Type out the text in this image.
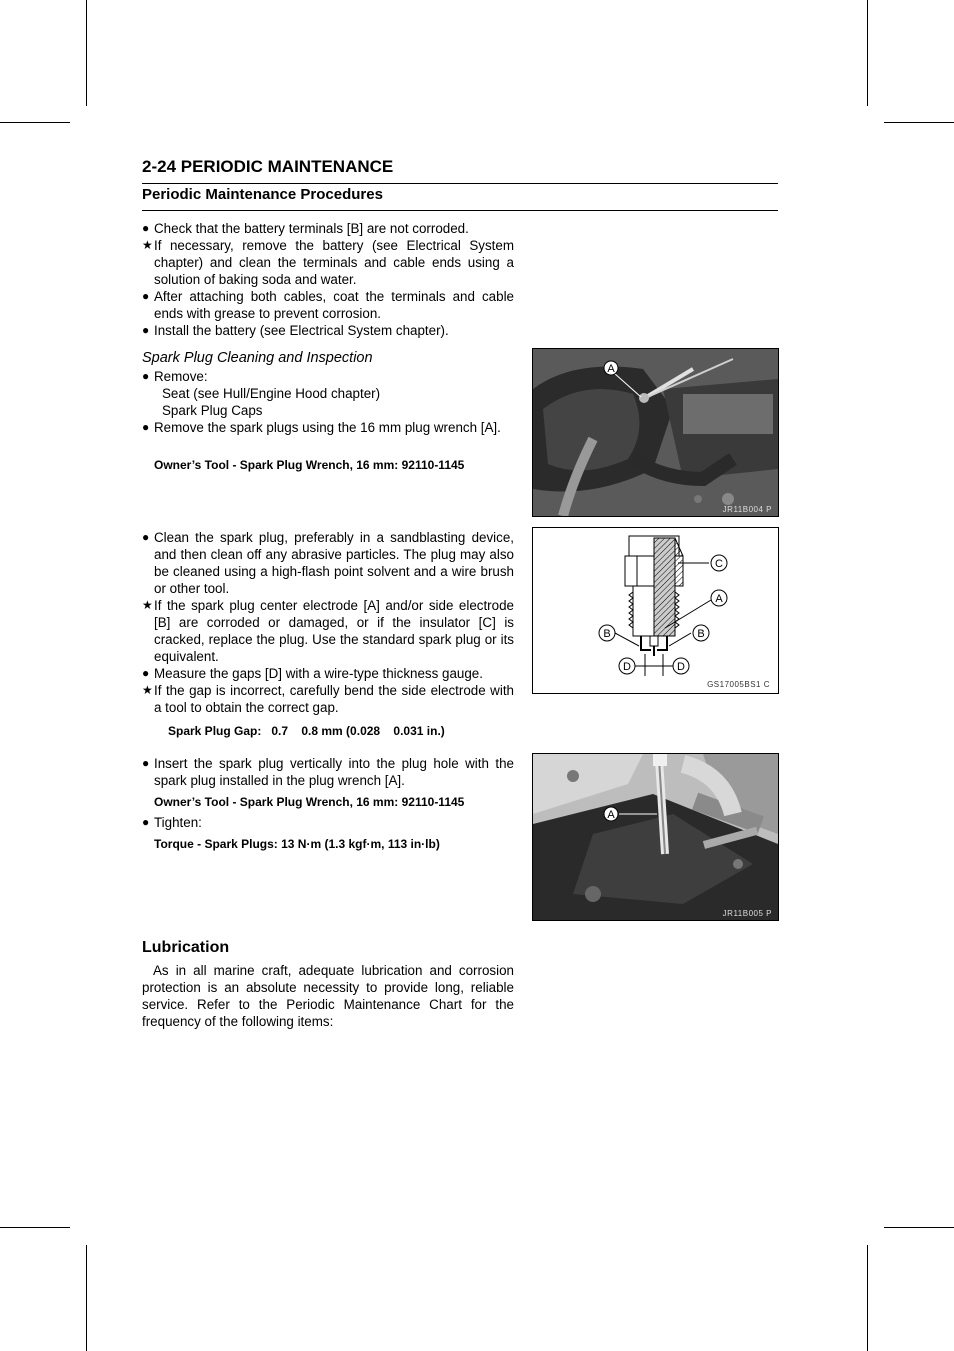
2-24 PERIODIC MAINTENANCE
Periodic Maintenance Procedures
● Check that the battery terminals [B] are not corroded.
★ If necessary, remove the battery (see Electrical System chapter) and clean the terminals and cable ends using a solution of baking soda and water.
● After attaching both cables, coat the terminals and cable ends with grease to prevent corrosion.
● Install the battery (see Electrical System chapter).
Spark Plug Cleaning and Inspection
● Remove:
Seat (see Hull/Engine Hood chapter)
Spark Plug Caps
● Remove the spark plugs using the 16 mm plug wrench [A].
Owner’s Tool - Spark Plug Wrench, 16 mm: 92110-1145
● Clean the spark plug, preferably in a sandblasting device, and then clean off any abrasive particles. The plug may also be cleaned using a high-flash point solvent and a wire brush or other tool.
★ If the spark plug center electrode [A] and/or side electrode [B] are corroded or damaged, or if the insulator [C] is cracked, replace the plug. Use the standard spark plug or its equivalent.
● Measure the gaps [D] with a wire-type thickness gauge.
★ If the gap is incorrect, carefully bend the side electrode with a tool to obtain the correct gap.
Spark Plug Gap:   0.7    0.8 mm (0.028    0.031 in.)
● Insert the spark plug vertically into the plug hole with the spark plug installed in the plug wrench [A].
Owner’s Tool - Spark Plug Wrench, 16 mm: 92110-1145
● Tighten:
Torque - Spark Plugs: 13 N·m (1.3 kgf·m, 113 in·lb)
Lubrication
As in all marine craft, adequate lubrication and corrosion protection is an absolute necessity to provide long, reliable service. Refer to the Periodic Maintenance Chart for the frequency of the following items:
A
JR11B004 P
C
A
B	B
D	D
GS17005BS1 C
A
JR11B005 P
